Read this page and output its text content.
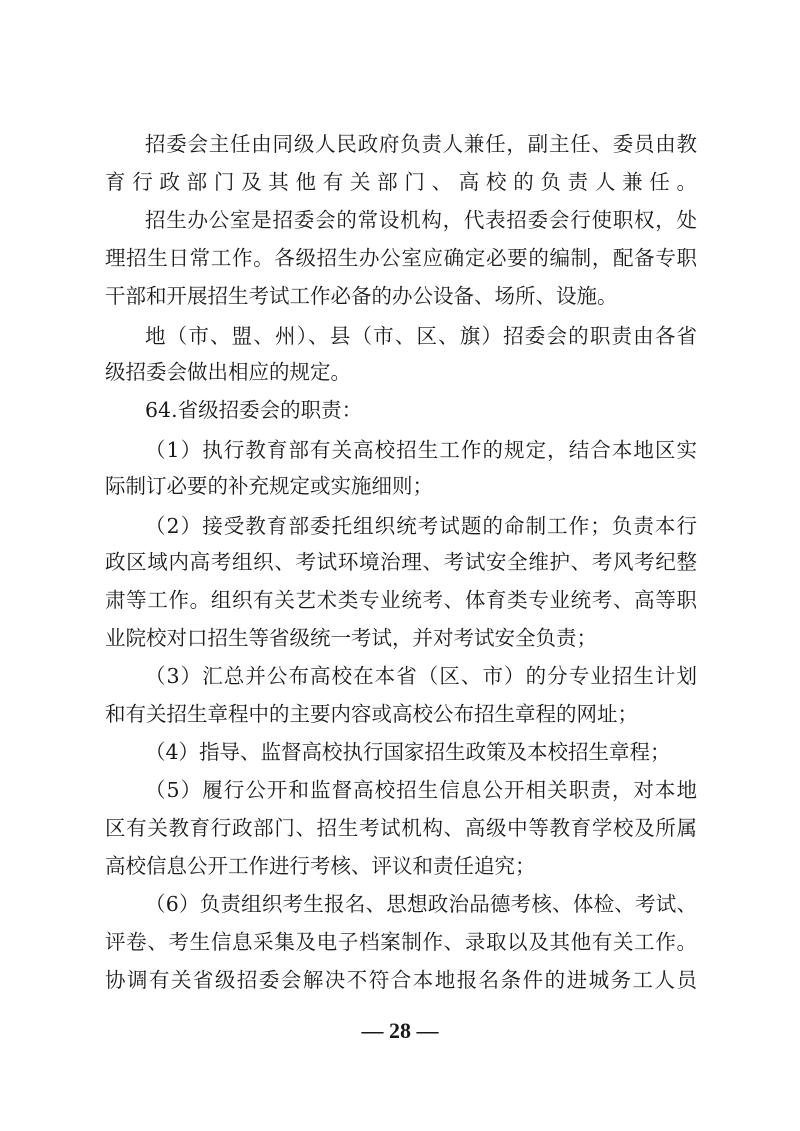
招委会主任由同级人民政府负责人兼任，副主任、委员由教
育行政部门及其他有关部门、高校的负责人兼任。
招生办公室是招委会的常设机构，代表招委会行使职权，处
理招生日常工作。各级招生办公室应确定必要的编制，配备专职
干部和开展招生考试工作必备的办公设备、场所、设施。
地（市、盟、州）、县（市、区、旗）招委会的职责由各省
级招委会做出相应的规定。
64.省级招委会的职责：
（1）执行教育部有关高校招生工作的规定，结合本地区实
际制订必要的补充规定或实施细则；
（2）接受教育部委托组织统考试题的命制工作；负责本行
政区域内高考组织、考试环境治理、考试安全维护、考风考纪整
肃等工作。组织有关艺术类专业统考、体育类专业统考、高等职
业院校对口招生等省级统一考试，并对考试安全负责；
（3）汇总并公布高校在本省（区、市）的分专业招生计划
和有关招生章程中的主要内容或高校公布招生章程的网址；
（4）指导、监督高校执行国家招生政策及本校招生章程；
（5）履行公开和监督高校招生信息公开相关职责，对本地
区有关教育行政部门、招生考试机构、高级中等教育学校及所属
高校信息公开工作进行考核、评议和责任追究；
（6）负责组织考生报名、思想政治品德考核、体检、考试、
评卷、考生信息采集及电子档案制作、录取以及其他有关工作。
协调有关省级招委会解决不符合本地报名条件的进城务工人员
— 28 —
